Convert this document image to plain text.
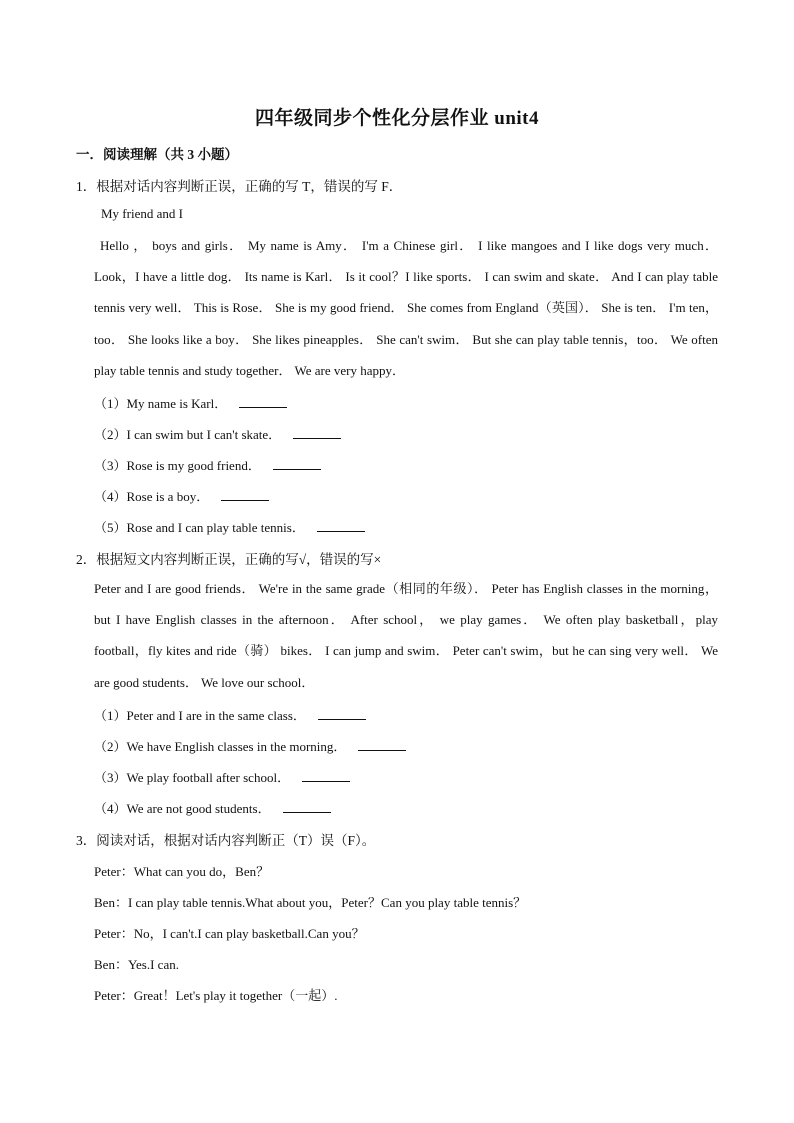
四年级同步个性化分层作业 unit4
一．阅读理解（共 3 小题）
1．根据对话内容判断正误，正确的写 T，错误的写 F．
My friend and I
Hello ， boys and girls． My name is Amy． I'm a Chinese girl． I like mangoes and I like dogs very much． Look，I have a little dog． Its name is Karl． Is it cool？I like sports． I can swim and skate． And I can play table tennis very well． This is Rose． She is my good friend． She comes from England（英国）． She is ten． I'm ten，too． She looks like a boy． She likes pineapples． She can't swim． But she can play table tennis，too． We often play table tennis and study together． We are very happy．
（1）My name is Karl．
（2）I can swim but I can't skate．
（3）Rose is my good friend．
（4）Rose is a boy．
（5）Rose and I can play table tennis．
2．根据短文内容判断正误，正确的写√，错误的写×
Peter and I are good friends． We're in the same grade（相同的年级）． Peter has English classes in the morning， but I have English classes in the afternoon． After school， we play games． We often play basketball，play football，fly kites and ride（骑） bikes． I can jump and swim． Peter can't swim，but he can sing very well． We are good students． We love our school．
（1）Peter and I are in the same class．
（2）We have English classes in the morning．
（3）We play football after school．
（4）We are not good students．
3．阅读对话，根据对话内容判断正（T）误（F）。
Peter：What can you do，Ben？
Ben：I can play table tennis.What about you，Peter？Can you play table tennis？
Peter：No，I can't.I can play basketball.Can you？
Ben：Yes.I can.
Peter：Great！Let's play it together（一起）.
